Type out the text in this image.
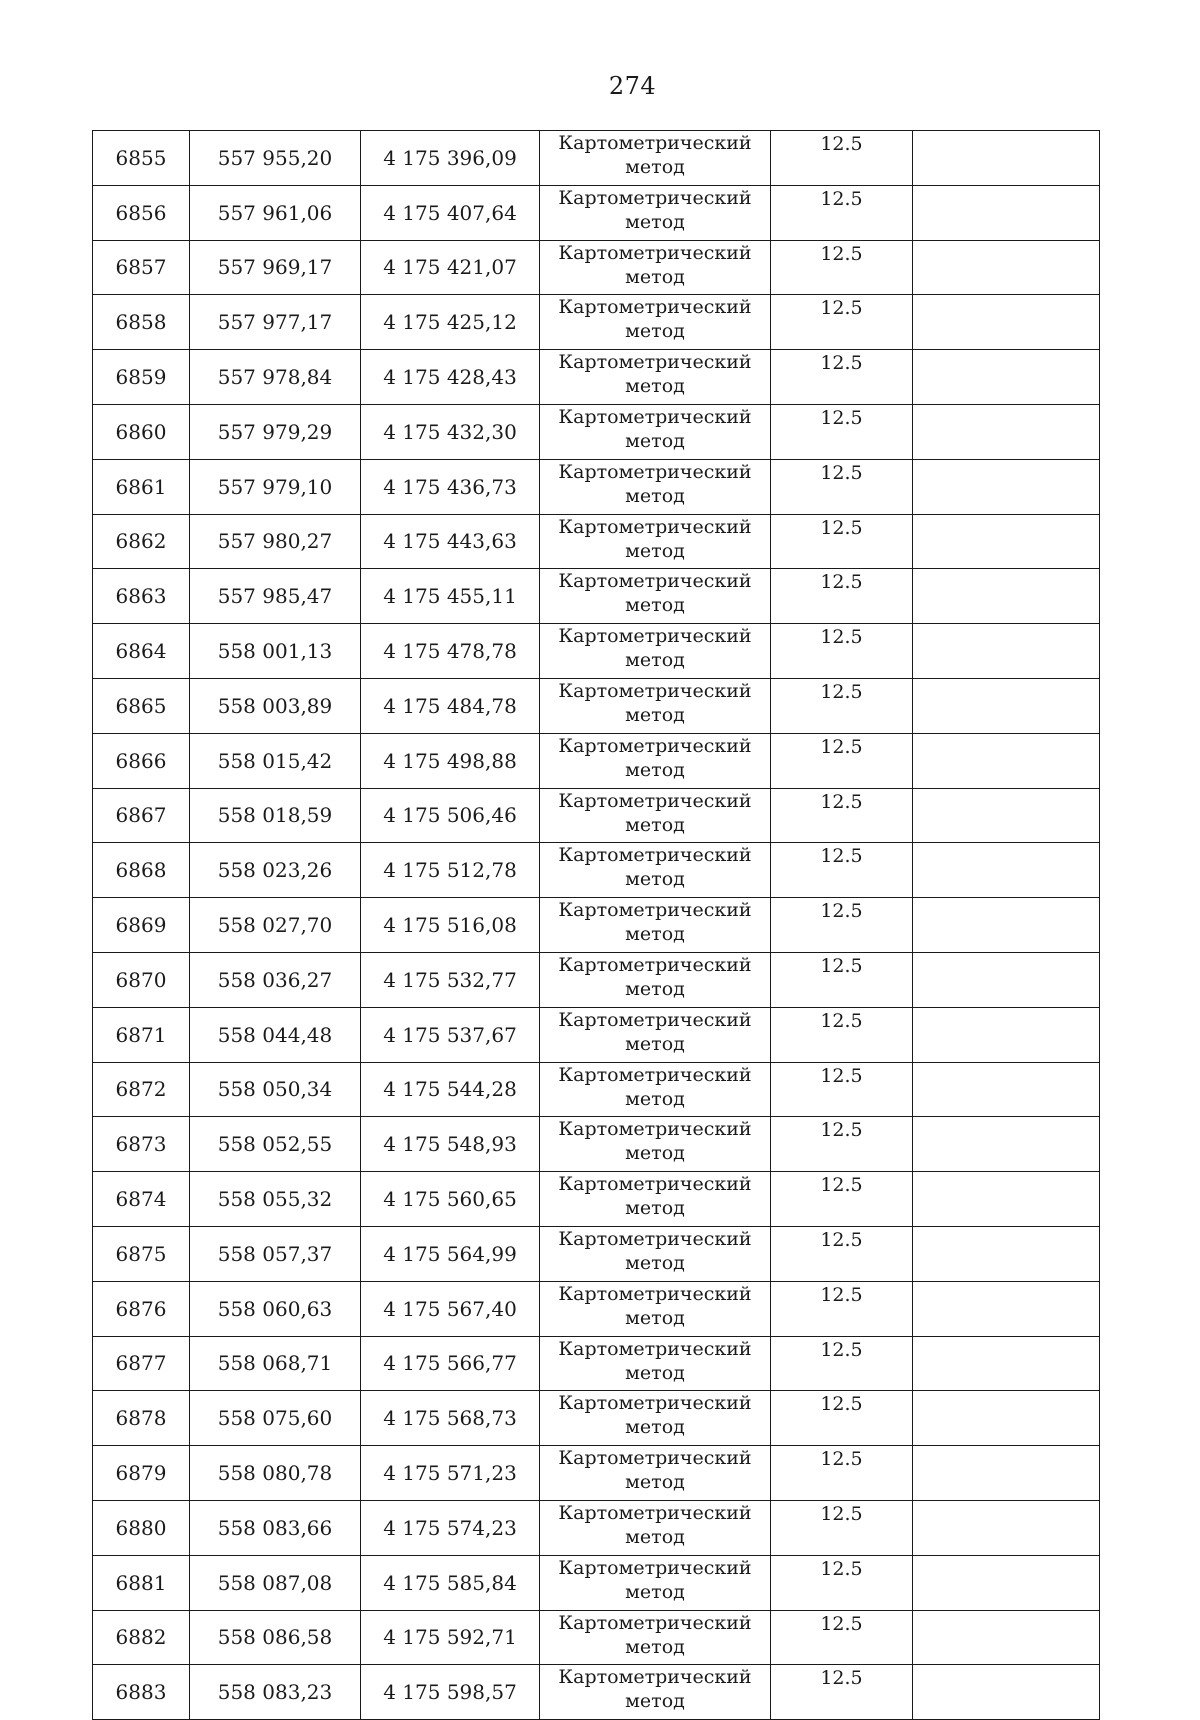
274
6855	557 955,20	4 175 396,09	Картометрический метод	12.5	
6856	557 961,06	4 175 407,64	Картометрический метод	12.5	
6857	557 969,17	4 175 421,07	Картометрический метод	12.5	
6858	557 977,17	4 175 425,12	Картометрический метод	12.5	
6859	557 978,84	4 175 428,43	Картометрический метод	12.5	
6860	557 979,29	4 175 432,30	Картометрический метод	12.5	
6861	557 979,10	4 175 436,73	Картометрический метод	12.5	
6862	557 980,27	4 175 443,63	Картометрический метод	12.5	
6863	557 985,47	4 175 455,11	Картометрический метод	12.5	
6864	558 001,13	4 175 478,78	Картометрический метод	12.5	
6865	558 003,89	4 175 484,78	Картометрический метод	12.5	
6866	558 015,42	4 175 498,88	Картометрический метод	12.5	
6867	558 018,59	4 175 506,46	Картометрический метод	12.5	
6868	558 023,26	4 175 512,78	Картометрический метод	12.5	
6869	558 027,70	4 175 516,08	Картометрический метод	12.5	
6870	558 036,27	4 175 532,77	Картометрический метод	12.5	
6871	558 044,48	4 175 537,67	Картометрический метод	12.5	
6872	558 050,34	4 175 544,28	Картометрический метод	12.5	
6873	558 052,55	4 175 548,93	Картометрический метод	12.5	
6874	558 055,32	4 175 560,65	Картометрический метод	12.5	
6875	558 057,37	4 175 564,99	Картометрический метод	12.5	
6876	558 060,63	4 175 567,40	Картометрический метод	12.5	
6877	558 068,71	4 175 566,77	Картометрический метод	12.5	
6878	558 075,60	4 175 568,73	Картометрический метод	12.5	
6879	558 080,78	4 175 571,23	Картометрический метод	12.5	
6880	558 083,66	4 175 574,23	Картометрический метод	12.5	
6881	558 087,08	4 175 585,84	Картометрический метод	12.5	
6882	558 086,58	4 175 592,71	Картометрический метод	12.5	
6883	558 083,23	4 175 598,57	Картометрический метод	12.5	
